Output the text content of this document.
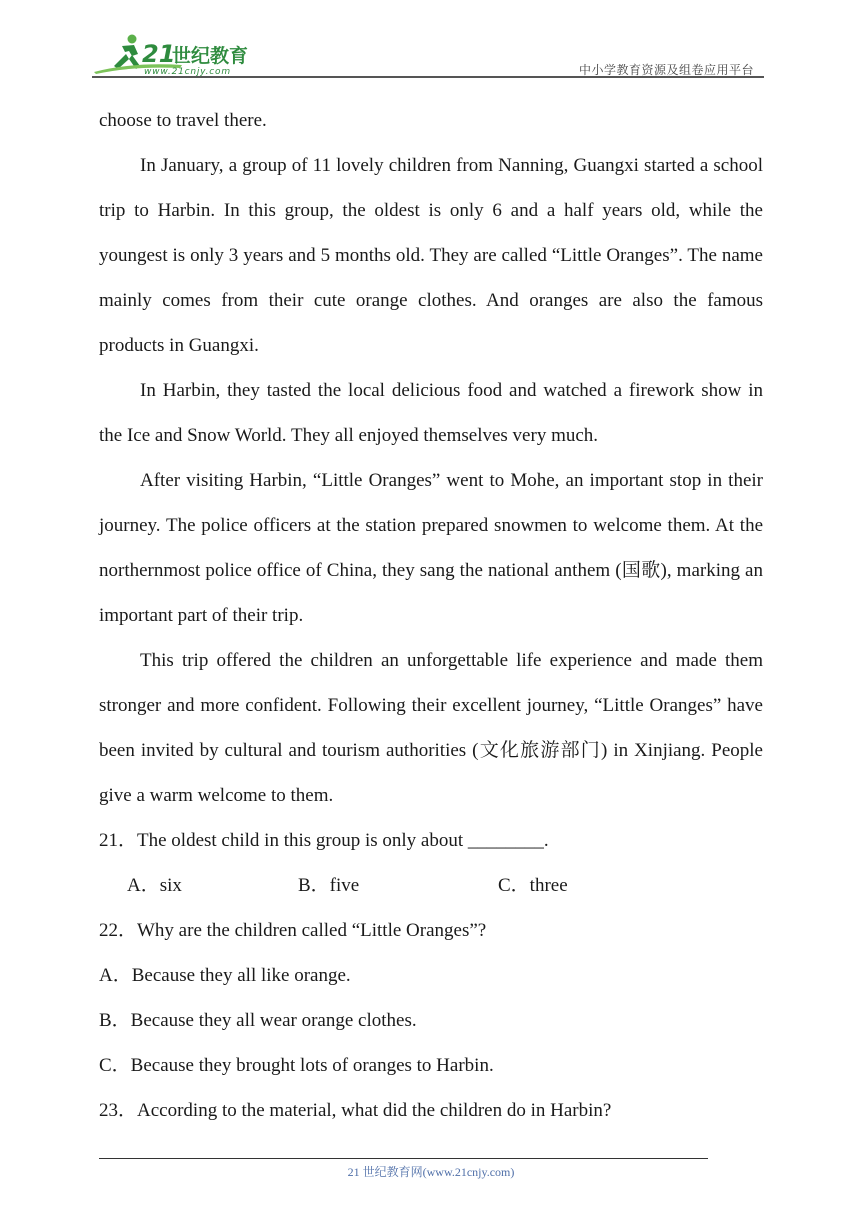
21
世纪教育
www.21cnjy.com	中小学教育资源及组卷应用平台

choose to travel there.

In January, a group of 11 lovely children from Nanning, Guangxi started a school trip to Harbin. In this group, the oldest is only 6 and a half years old, while the youngest is only 3 years and 5 months old. They are called “Little Oranges”. The name mainly comes from their cute orange clothes. And oranges are also the famous products in Guangxi.

In Harbin, they tasted the local delicious food and watched a firework show in the Ice and Snow World. They all enjoyed themselves very much.

After visiting Harbin, “Little Oranges” went to Mohe, an important stop in their journey. The police officers at the station prepared snowmen to welcome them. At the northernmost police office of China, they sang the national anthem (国歌), marking an important part of their trip.

This trip offered the children an unforgettable life experience and made them stronger and more confident. Following their excellent journey, “Little Oranges” have been invited by cultural and tourism authorities (文化旅游部门) in Xinjiang. People give a warm welcome to them.

21．The oldest child in this group is only about ________.

A．six	B．five	C．three

22．Why are the children called “Little Oranges”?

A．Because they all like orange.

B．Because they all wear orange clothes.

C．Because they brought lots of oranges to Harbin.

23．According to the material, what did the children do in Harbin?

21 世纪教育网(www.21cnjy.com)
